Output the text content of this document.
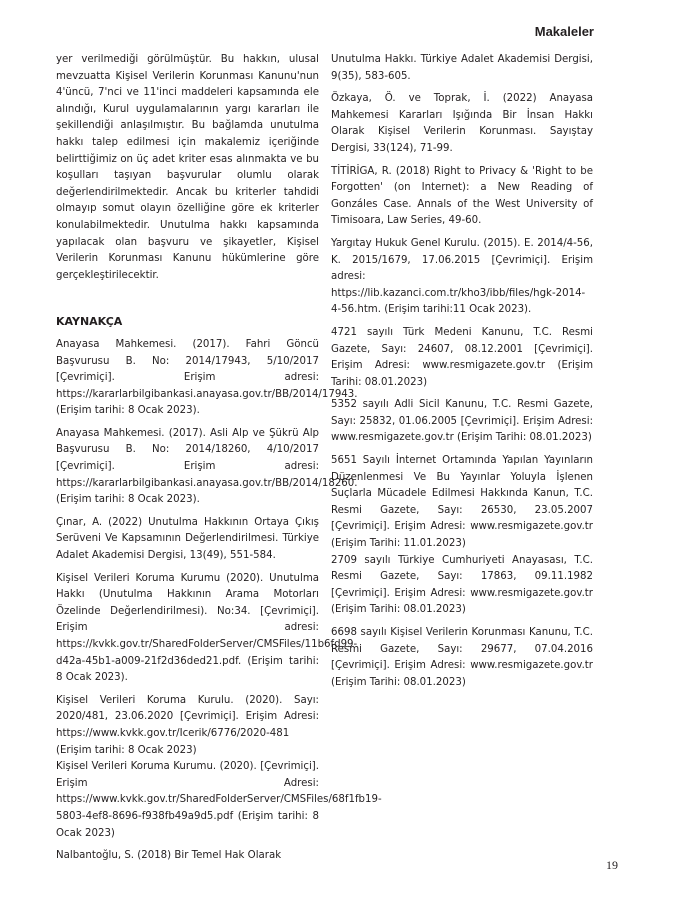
Makaleler

yer verilmediği görülmüştür. Bu hakkın, ulusal mevzuatta Kişisel Verilerin Korunması Kanunu'nun 4'üncü, 7'nci ve 11'inci maddeleri kapsamında ele alındığı, Kurul uygulamalarının yargı kararları ile şekillendiği anlaşılmıştır. Bu bağlamda unutulma hakkı talep edilmesi için makalemiz içeriğinde belirttiğimiz on üç adet kriter esas alınmakta ve bu koşulları taşıyan başvurular olumlu olarak değerlendirilmektedir. Ancak bu kriterler tahdidi olmayıp somut olayın özelliğine göre ek kriterler konulabilmektedir. Unutulma hakkı kapsamında yapılacak olan başvuru ve şikayetler, Kişisel Verilerin Korunması Kanunu hükümlerine göre gerçekleştirilecektir.

KAYNAKÇA

Anayasa Mahkemesi. (2017). Fahri Göncü Başvurusu B. No: 2014/17943, 5/10/2017 [Çevrimiçi]. Erişim adresi: https://kararlarbilgibankasi.anayasa.gov.tr/BB/2014/17943. (Erişim tarihi: 8 Ocak 2023).

Anayasa Mahkemesi. (2017). Asli Alp ve Şükrü Alp Başvurusu B. No: 2014/18260, 4/10/2017 [Çevrimiçi]. Erişim adresi: https://kararlarbilgibankasi.anayasa.gov.tr/BB/2014/18260. (Erişim tarihi: 8 Ocak 2023).

Çınar, A. (2022) Unutulma Hakkının Ortaya Çıkış Serüveni Ve Kapsamının Değerlendirilmesi. Türkiye Adalet Akademisi Dergisi, 13(49), 551-584.

Kişisel Verileri Koruma Kurumu (2020). Unutulma Hakkı (Unutulma Hakkının Arama Motorları Özelinde Değerlendirilmesi). No:34. [Çevrimiçi]. Erişim adresi: https://kvkk.gov.tr/SharedFolderServer/CMSFiles/11b6fd99-d42a-45b1-a009-21f2d36ded21.pdf. (Erişim tarihi: 8 Ocak 2023).

Kişisel Verileri Koruma Kurulu. (2020). Sayı: 2020/481, 23.06.2020 [Çevrimiçi]. Erişim Adresi: https://www.kvkk.gov.tr/Icerik/6776/2020-481 (Erişim tarihi: 8 Ocak 2023)

Kişisel Verileri Koruma Kurumu. (2020). [Çevrimiçi]. Erişim Adresi: https://www.kvkk.gov.tr/SharedFolderServer/CMSFiles/68f1fb19-5803-4ef8-8696-f938fb49a9d5.pdf (Erişim tarihi: 8 Ocak 2023)

Nalbantoğlu, S. (2018) Bir Temel Hak Olarak

Unutulma Hakkı. Türkiye Adalet Akademisi Dergisi, 9(35), 583-605.

Özkaya, Ö. ve Toprak, İ. (2022) Anayasa Mahkemesi Kararları Işığında Bir İnsan Hakkı Olarak Kişisel Verilerin Korunması. Sayıştay Dergisi, 33(124), 71-99.

TİTİRİGA, R. (2018) Right to Privacy & 'Right to be Forgotten' (on Internet): a New Reading of Gonzáles Case. Annals of the West University of Timisoara, Law Series, 49-60.

Yargıtay Hukuk Genel Kurulu. (2015). E. 2014/4-56, K. 2015/1679, 17.06.2015 [Çevrimiçi]. Erişim adresi: https://lib.kazanci.com.tr/kho3/ibb/files/hgk-2014-4-56.htm. (Erişim tarihi:11 Ocak 2023).

4721 sayılı Türk Medeni Kanunu, T.C. Resmi Gazete, Sayı: 24607, 08.12.2001 [Çevrimiçi]. Erişim Adresi: www.resmigazete.gov.tr (Erişim Tarihi: 08.01.2023)

5352 sayılı Adli Sicil Kanunu, T.C. Resmi Gazete, Sayı: 25832, 01.06.2005 [Çevrimiçi]. Erişim Adresi: www.resmigazete.gov.tr (Erişim Tarihi: 08.01.2023)

5651 Sayılı İnternet Ortamında Yapılan Yayınların Düzenlenmesi Ve Bu Yayınlar Yoluyla İşlenen Suçlarla Mücadele Edilmesi Hakkında Kanun, T.C. Resmi Gazete, Sayı: 26530, 23.05.2007 [Çevrimiçi]. Erişim Adresi: www.resmigazete.gov.tr (Erişim Tarihi: 11.01.2023)

2709 sayılı Türkiye Cumhuriyeti Anayasası, T.C. Resmi Gazete, Sayı: 17863, 09.11.1982 [Çevrimiçi]. Erişim Adresi: www.resmigazete.gov.tr (Erişim Tarihi: 08.01.2023)

6698 sayılı Kişisel Verilerin Korunması Kanunu, T.C. Resmi Gazete, Sayı: 29677, 07.04.2016 [Çevrimiçi]. Erişim Adresi: www.resmigazete.gov.tr (Erişim Tarihi: 08.01.2023)

19
